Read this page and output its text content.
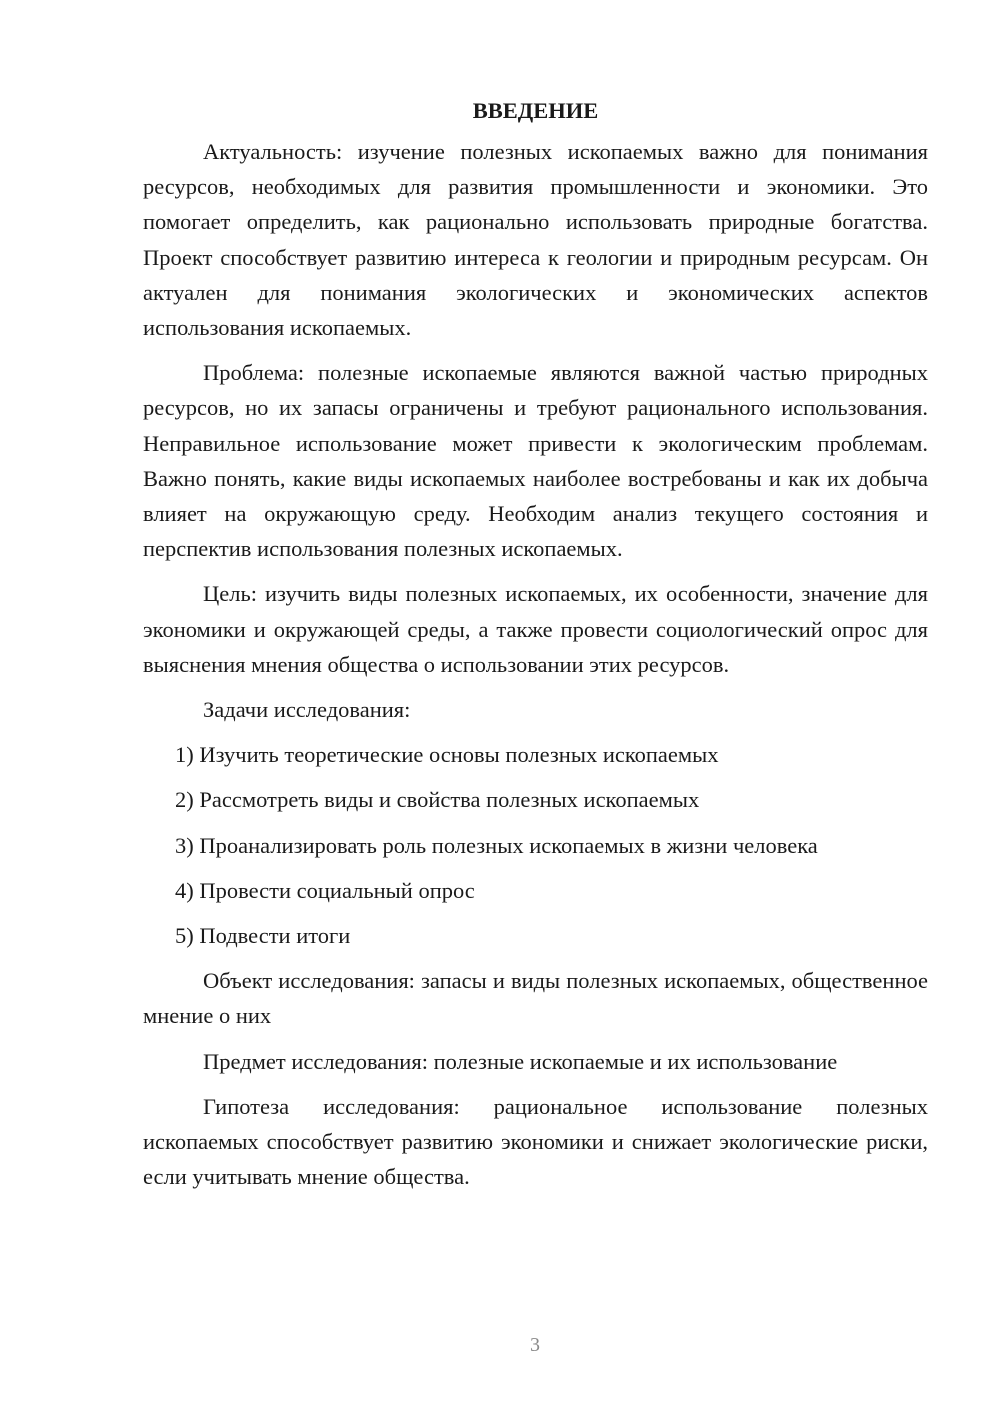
ВВЕДЕНИЕ

Актуальность: изучение полезных ископаемых важно для понимания ресурсов, необходимых для развития промышленности и экономики. Это помогает определить, как рационально использовать природные богатства. Проект способствует развитию интереса к геологии и природным ресурсам. Он актуален для понимания экологических и экономических аспектов использования ископаемых.

Проблема: полезные ископаемые являются важной частью природных ресурсов, но их запасы ограничены и требуют рационального использования. Неправильное использование может привести к экологическим проблемам. Важно понять, какие виды ископаемых наиболее востребованы и как их добыча влияет на окружающую среду. Необходим анализ текущего состояния и перспектив использования полезных ископаемых.

Цель: изучить виды полезных ископаемых, их особенности, значение для экономики и окружающей среды, а также провести социологический опрос для выяснения мнения общества о использовании этих ресурсов.

Задачи исследования:

1) Изучить теоретические основы полезных ископаемых

2) Рассмотреть виды и свойства полезных ископаемых

3) Проанализировать роль полезных ископаемых в жизни человека

4) Провести социальный опрос

5) Подвести итоги

Объект исследования: запасы и виды полезных ископаемых, общественное мнение о них

Предмет исследования: полезные ископаемые и их использование

Гипотеза исследования: рациональное использование полезных ископаемых способствует развитию экономики и снижает экологические риски, если учитывать мнение общества.

3
